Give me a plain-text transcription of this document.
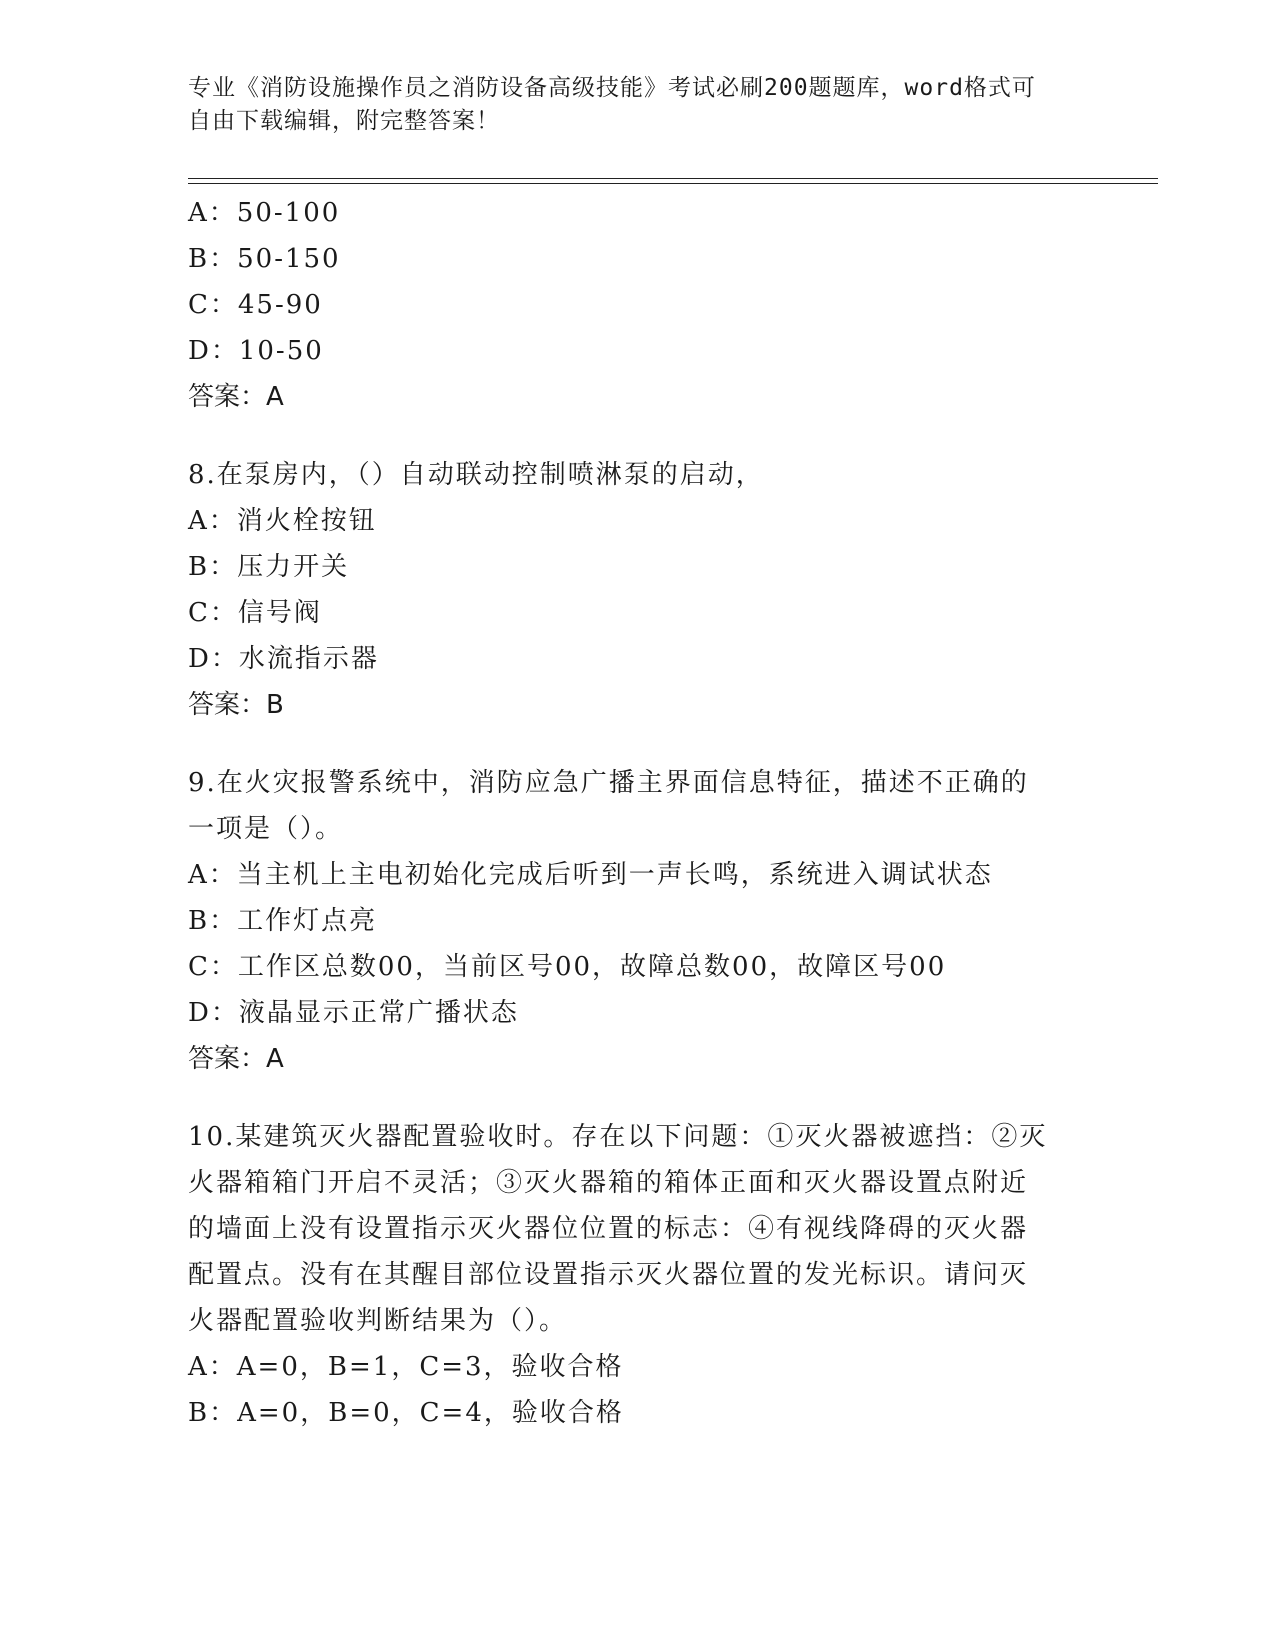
专业《消防设施操作员之消防设备高级技能》考试必刷200题题库，word格式可
自由下载编辑，附完整答案！
A：50-100
B：50-150
C：45-90
D：10-50
答案：A
8.在泵房内，（）自动联动控制喷淋泵的启动，
A：消火栓按钮
B：压力开关
C：信号阀
D：水流指示器
答案：B
9.在火灾报警系统中，消防应急广播主界面信息特征，描述不正确的
一项是（）。
A：当主机上主电初始化完成后听到一声长鸣，系统进入调试状态
B：工作灯点亮
C：工作区总数00，当前区号00，故障总数00，故障区号00
D：液晶显示正常广播状态
答案：A
10.某建筑灭火器配置验收时。存在以下问题：①灭火器被遮挡：②灭
火器箱箱门开启不灵活；③灭火器箱的箱体正面和灭火器设置点附近
的墙面上没有设置指示灭火器位位置的标志：④有视线降碍的灭火器
配置点。没有在其醒目部位设置指示灭火器位置的发光标识。请问灭
火器配置验收判断结果为（）。
A：A=0，B=1，C=3，验收合格
B：A=0，B=0，C=4，验收合格
